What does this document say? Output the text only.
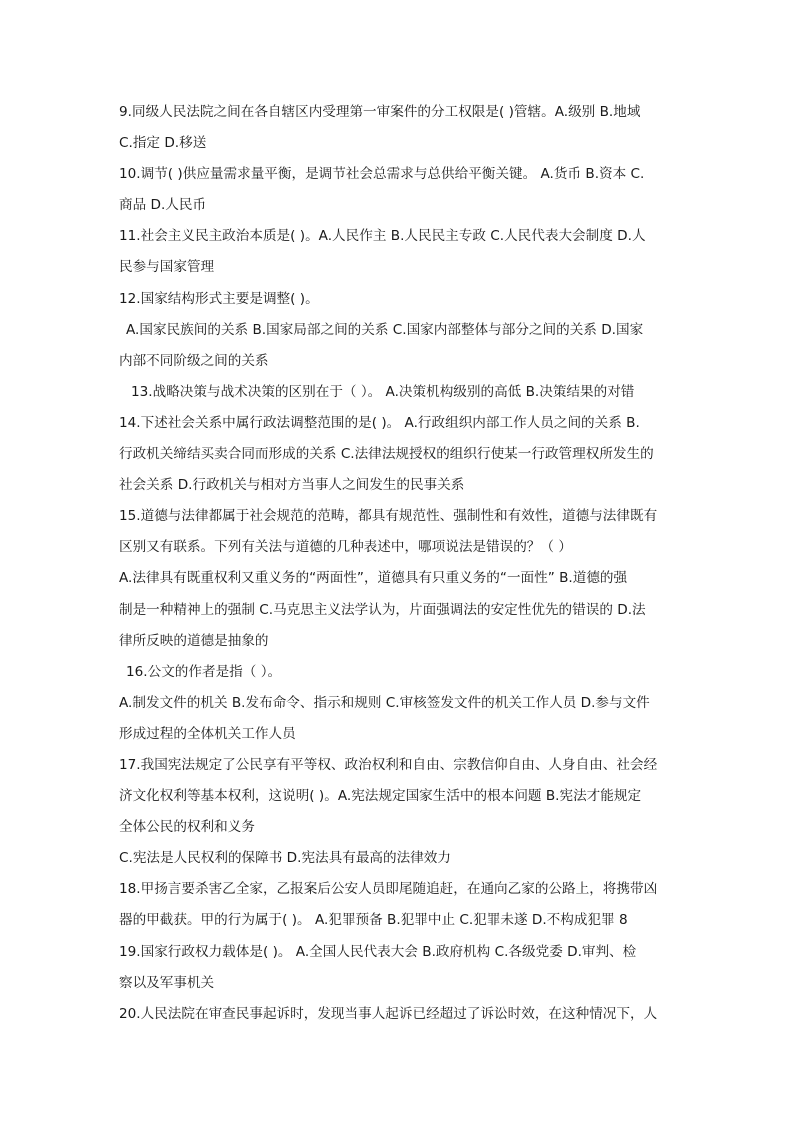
9.同级人民法院之间在各自辖区内受理第一审案件的分工权限是( )管辖。A.级别 B.地域
C.指定 D.移送
10.调节( )供应量需求量平衡，是调节社会总需求与总供给平衡关键。 A.货币 B.资本 C.
商品 D.人民币
11.社会主义民主政治本质是( )。A.人民作主 B.人民民主专政 C.人民代表大会制度 D.人
民参与国家管理
12.国家结构形式主要是调整( )。
A.国家民族间的关系 B.国家局部之间的关系 C.国家内部整体与部分之间的关系 D.国家
内部不同阶级之间的关系
13.战略决策与战术决策的区别在于（ ）。 A.决策机构级别的高低 B.决策结果的对错
14.下述社会关系中属行政法调整范围的是( )。 A.行政组织内部工作人员之间的关系 B.
行政机关缔结买卖合同而形成的关系 C.法律法规授权的组织行使某一行政管理权所发生的
社会关系 D.行政机关与相对方当事人之间发生的民事关系
15.道德与法律都属于社会规范的范畴，都具有规范性、强制性和有效性，道德与法律既有
区别又有联系。下列有关法与道德的几种表述中，哪项说法是错误的？（ ）
A.法律具有既重权利又重义务的“两面性”，道德具有只重义务的“一面性” B.道德的强
制是一种精神上的强制 C.马克思主义法学认为，片面强调法的安定性优先的错误的 D.法
律所反映的道德是抽象的
16.公文的作者是指（ ）。
A.制发文件的机关 B.发布命令、指示和规则 C.审核签发文件的机关工作人员 D.参与文件
形成过程的全体机关工作人员
17.我国宪法规定了公民享有平等权、政治权利和自由、宗教信仰自由、人身自由、社会经
济文化权利等基本权利，这说明( )。A.宪法规定国家生活中的根本问题 B.宪法才能规定
全体公民的权利和义务
C.宪法是人民权利的保障书 D.宪法具有最高的法律效力
18.甲扬言要杀害乙全家，乙报案后公安人员即尾随追赶，在通向乙家的公路上，将携带凶
器的甲截获。甲的行为属于( )。 A.犯罪预备 B.犯罪中止 C.犯罪未遂 D.不构成犯罪 8
19.国家行政权力载体是( )。 A.全国人民代表大会 B.政府机构 C.各级党委 D.审判、检
察以及军事机关
20.人民法院在审查民事起诉时，发现当事人起诉已经超过了诉讼时效，在这种情况下，人
